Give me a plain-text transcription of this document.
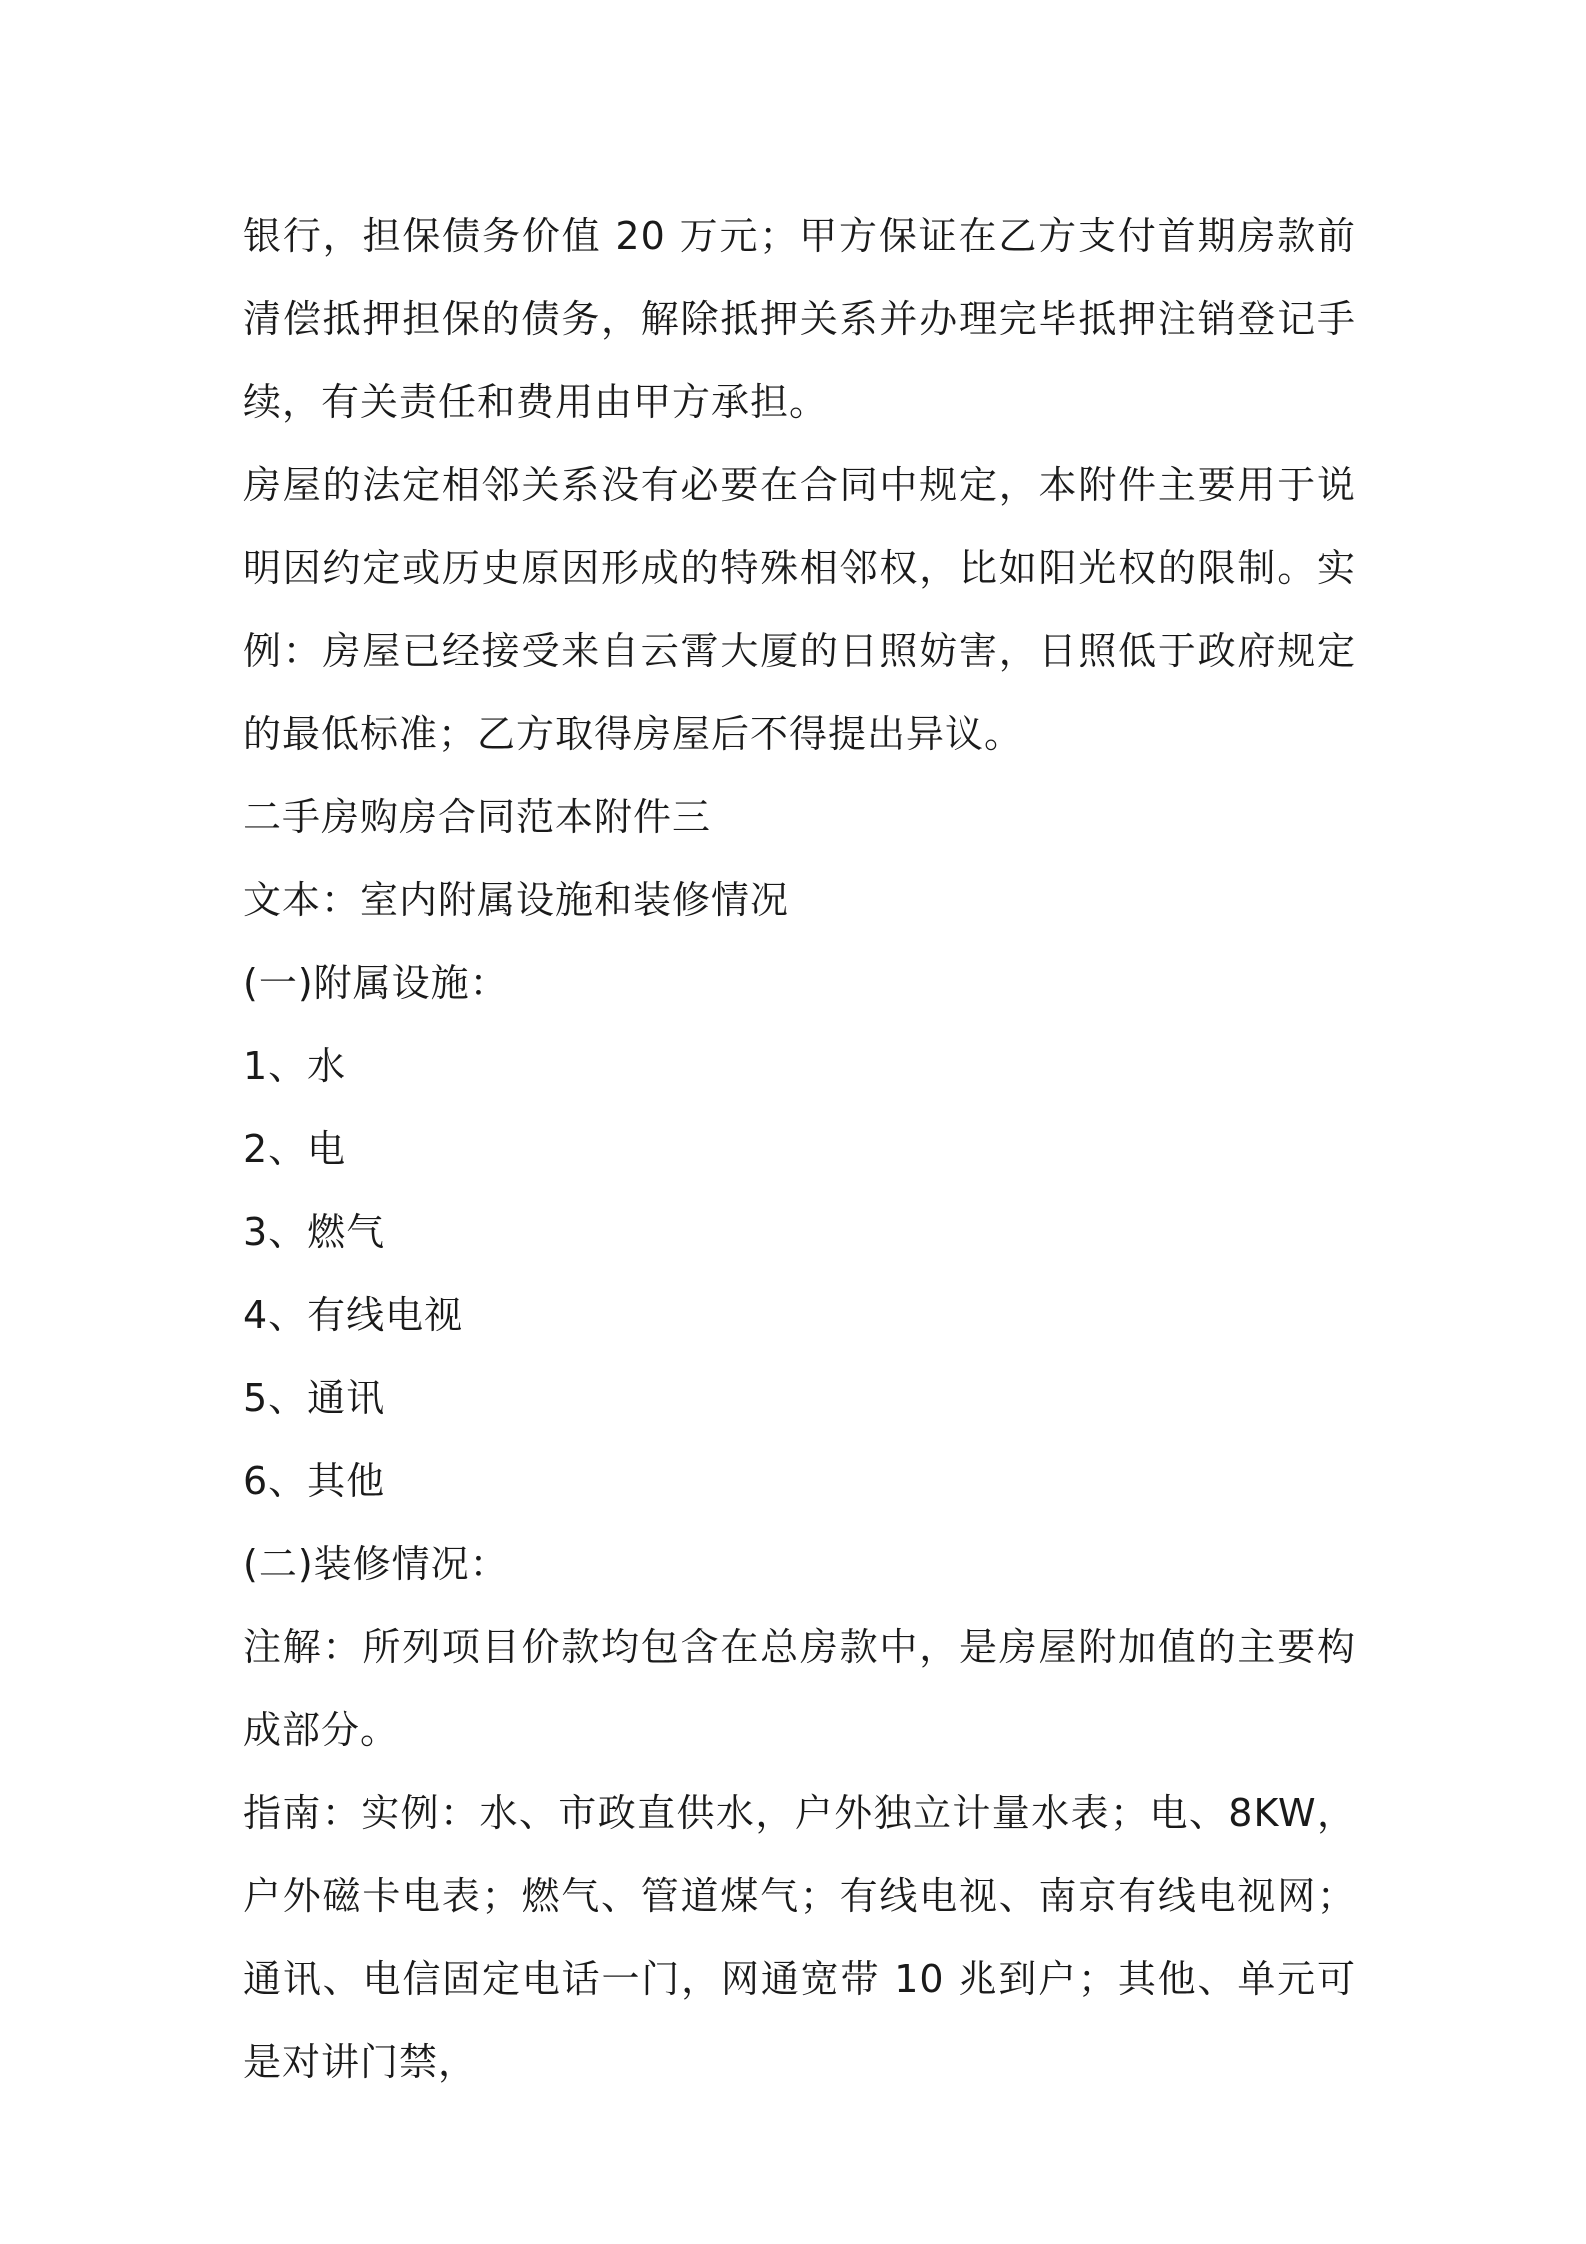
银行，担保债务价值 20 万元；甲方保证在乙方支付首期房款前清偿抵押担保的债务，解除抵押关系并办理完毕抵押注销登记手续，有关责任和费用由甲方承担。

房屋的法定相邻关系没有必要在合同中规定，本附件主要用于说明因约定或历史原因形成的特殊相邻权，比如阳光权的限制。实例：房屋已经接受来自云霄大厦的日照妨害，日照低于政府规定的最低标准；乙方取得房屋后不得提出异议。

二手房购房合同范本附件三

文本：室内附属设施和装修情况

(一)附属设施：

1、水

2、电

3、燃气

4、有线电视

5、通讯

6、其他

(二)装修情况：

注解：所列项目价款均包含在总房款中，是房屋附加值的主要构成部分。

指南：实例：水、市政直供水，户外独立计量水表；电、8KW，户外磁卡电表；燃气、管道煤气；有线电视、南京有线电视网；通讯、电信固定电话一门，网通宽带 10 兆到户；其他、单元可是对讲门禁，
